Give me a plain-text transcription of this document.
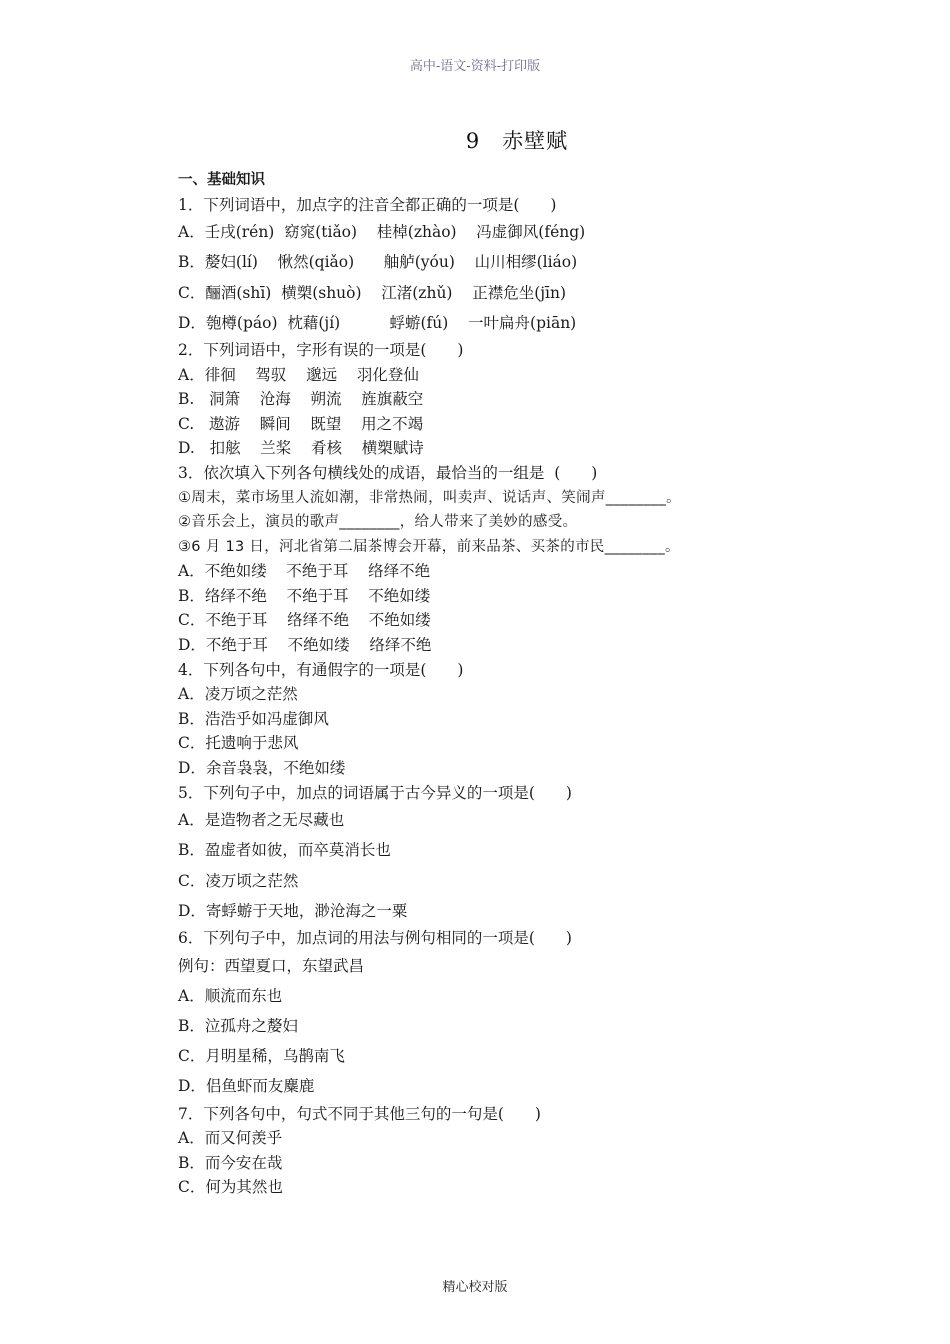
高中-语文-资料-打印版
9 赤壁赋
一、基础知识
1．下列词语中，加点字的注音全都正确的一项是(　　)
A．壬戌(rén)  窈窕(tiǎo)    桂棹(zhào)    冯虚御风(féng)
B．嫠妇(lí)    愀然(qiǎo)      舳舻(yóu)    山川相缪(liáo)
C．酾酒(shī)  横槊(shuò)    江渚(zhǔ)    正襟危坐(jīn)
D．匏樽(páo)  枕藉(jí)          蜉蝣(fú)    一叶扁舟(piān)
2．下列词语中，字形有误的一项是(　　)
A．徘徊    驾驭    邈远    羽化登仙
B.   洞箫    沧海    朔流    旌旗蔽空
C.   遨游    瞬间    既望    用之不竭
D.   扣舷    兰桨    肴核    横槊赋诗
3．依次填入下列各句横线处的成语，最恰当的一组是  (　　)
①周末，菜市场里人流如潮，非常热闹，叫卖声、说话声、笑闹声________。
②音乐会上，演员的歌声________，给人带来了美妙的感受。
③6 月 13 日，河北省第二届茶博会开幕，前来品茶、买茶的市民________。
A．不绝如缕    不绝于耳    络绎不绝
B．络绎不绝    不绝于耳    不绝如缕
C．不绝于耳    络绎不绝    不绝如缕
D．不绝于耳    不绝如缕    络绎不绝
4．下列各句中，有通假字的一项是(　　)
A．凌万顷之茫然
B．浩浩乎如冯虚御风
C．托遗响于悲风
D．余音袅袅，不绝如缕
5．下列句子中，加点的词语属于古今异义的一项是(　　)
A．是造物者之无尽藏也
B．盈虚者如彼，而卒莫消长也
C．凌万顷之茫然
D．寄蜉蝣于天地，渺沧海之一粟
6．下列句子中，加点词的用法与例句相同的一项是(　　)
例句：西望夏口，东望武昌
A．顺流而东也
B．泣孤舟之嫠妇
C．月明星稀，乌鹊南飞
D．侣鱼虾而友麋鹿
7．下列各句中，句式不同于其他三句的一句是(　　)
A．而又何羡乎
B．而今安在哉
C．何为其然也
精心校对版
